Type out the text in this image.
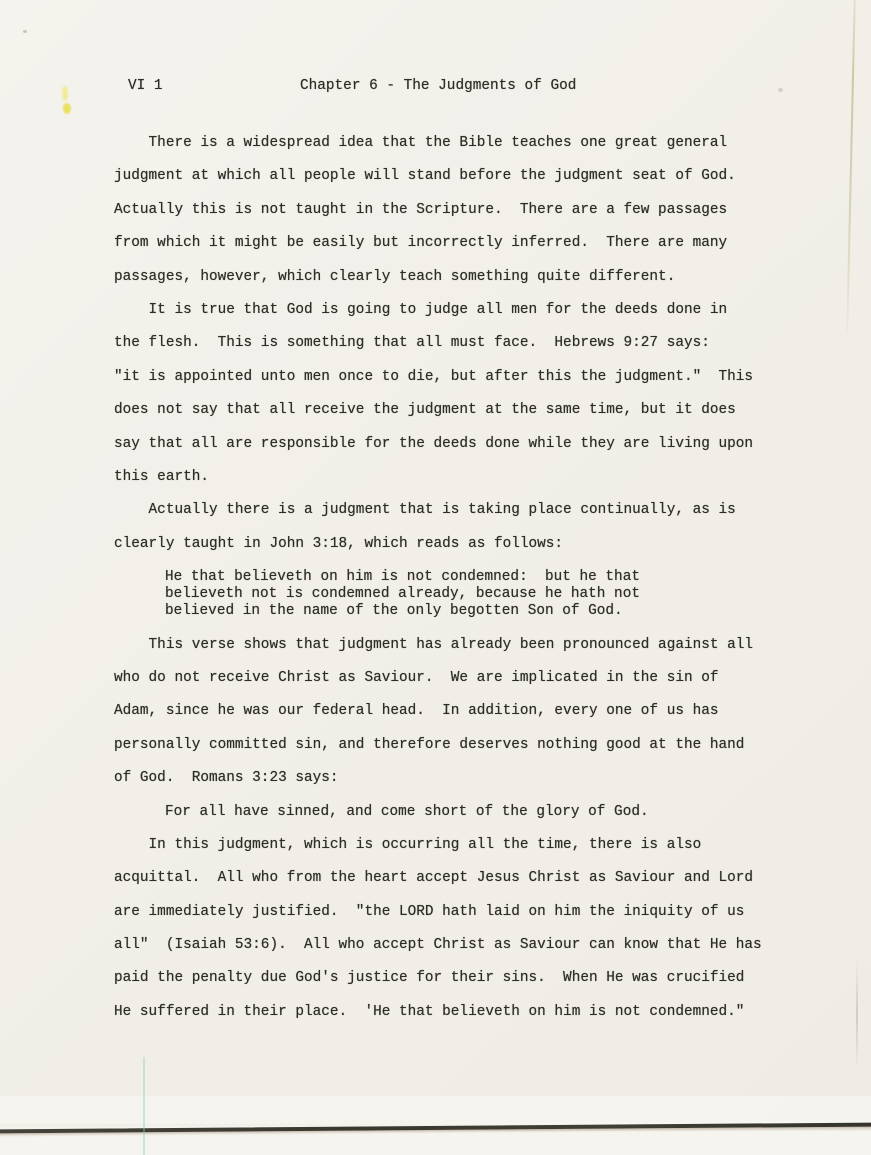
VI 1	Chapter 6 - The Judgments of God
There is a widespread idea that the Bible teaches one great general
judgment at which all people will stand before the judgment seat of God.
Actually this is not taught in the Scripture.  There are a few passages
from which it might be easily but incorrectly inferred.  There are many
passages, however, which clearly teach something quite different.
It is true that God is going to judge all men for the deeds done in
the flesh.  This is something that all must face.  Hebrews 9:27 says:
"it is appointed unto men once to die, but after this the judgment."  This
does not say that all receive the judgment at the same time, but it does
say that all are responsible for the deeds done while they are living upon
this earth.
Actually there is a judgment that is taking place continually, as is
clearly taught in John 3:18, which reads as follows:
He that believeth on him is not condemned:  but he that
believeth not is condemned already, because he hath not
believed in the name of the only begotten Son of God.
This verse shows that judgment has already been pronounced against all
who do not receive Christ as Saviour.  We are implicated in the sin of
Adam, since he was our federal head.  In addition, every one of us has
personally committed sin, and therefore deserves nothing good at the hand
of God.  Romans 3:23 says:
For all have sinned, and come short of the glory of God.
In this judgment, which is occurring all the time, there is also
acquittal.  All who from the heart accept Jesus Christ as Saviour and Lord
are immediately justified.  "the LORD hath laid on him the iniquity of us
all"  (Isaiah 53:6).  All who accept Christ as Saviour can know that He has
paid the penalty due God's justice for their sins.  When He was crucified
He suffered in their place.  'He that believeth on him is not condemned."
